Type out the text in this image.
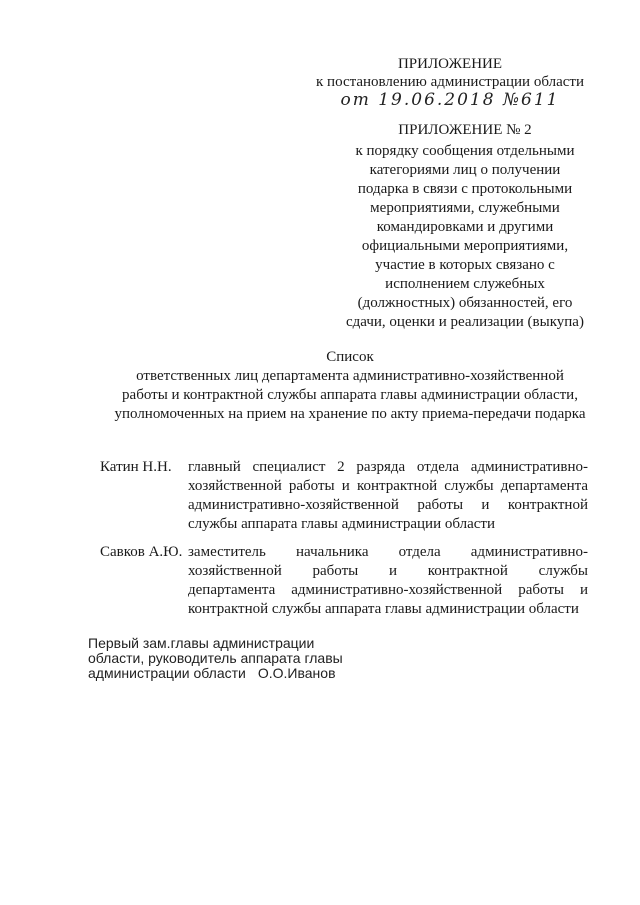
ПРИЛОЖЕНИЕ
к постановлению администрации области
от 19.06.2018 №611
ПРИЛОЖЕНИЕ № 2
к порядку сообщения отдельными
категориями лиц о получении
подарка в связи с протокольными
мероприятиями, служебными
командировками и другими
официальными мероприятиями,
участие в которых связано с
исполнением служебных
(должностных) обязанностей, его
сдачи, оценки и реализации (выкупа)
Список
ответственных лиц департамента административно-хозяйственной
работы и контрактной службы аппарата главы администрации области,
уполномоченных на прием на хранение по акту приема-передачи подарка
Катин Н.Н. главный специалист 2 разряда отдела административно-
хозяйственной работы и контрактной службы департамента
административно-хозяйственной работы и контрактной
службы аппарата главы администрации области
Савков А.Ю. заместитель начальника отдела административно-
хозяйственной работы и контрактной службы
департамента административно-хозяйственной работы и
контрактной службы аппарата главы администрации области
Первый зам.главы администрации
области, руководитель аппарата главы
администрации области О.О.Иванов
